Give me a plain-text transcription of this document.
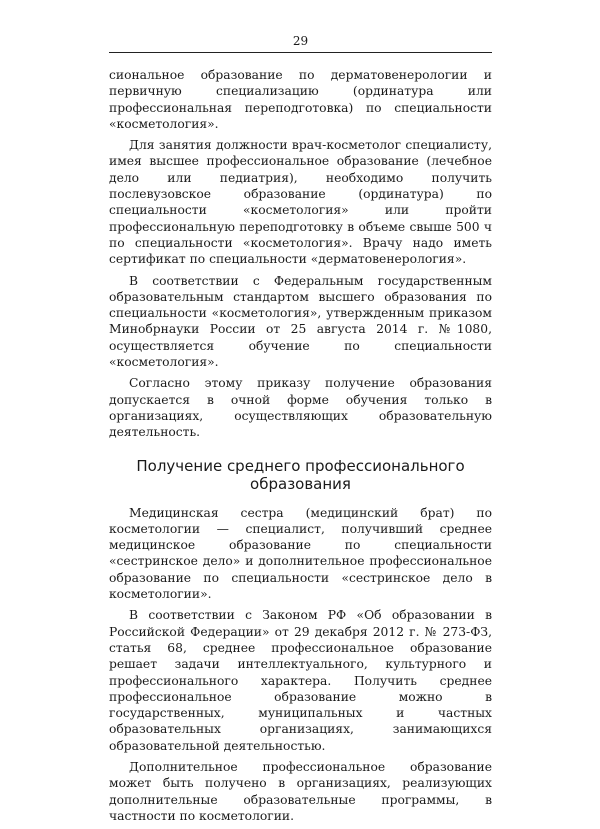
29

сиональное образование по дерматовенерологии и первичную специализацию (ординатура или профессиональная переподготовка) по специальности «косметология».

Для занятия должности врач-косметолог специалисту, имея высшее профессиональное образование (лечебное дело или педиатрия), необходимо получить послевузовское образование (ординатура) по специальности «косметология» или пройти профессиональную переподготовку в объеме свыше 500 ч по специальности «косметология». Врачу надо иметь сертификат по специальности «дерматовенерология».

В соответствии с Федеральным государственным образовательным стандартом высшего образования по специальности «косметология», утвержденным приказом Минобрнауки России от 25 августа 2014 г. №1080, осуществляется обучение по специальности «косметология».

Согласно этому приказу получение образования допускается в очной форме обучения только в организациях, осуществляющих образовательную деятельность.

Получение среднего профессионального
образования

Медицинская сестра (медицинский брат) по косметологии — специалист, получивший среднее медицинское образование по специальности «сестринское дело» и дополнительное профессиональное образование по специальности «сестринское дело в косметологии».

В соответствии с Законом РФ «Об образовании в Российской Федерации» от 29 декабря 2012 г. № 273-ФЗ, статья 68, среднее профессиональное образование решает задачи интеллектуального, культурного и профессионального характера. Получить среднее профессиональное образование можно в государственных, муниципальных и частных образовательных организациях, занимающихся образовательной деятельностью.

Дополнительное профессиональное образование может быть получено в организациях, реализующих дополнительные образовательные программы, в частности по косметологии.
